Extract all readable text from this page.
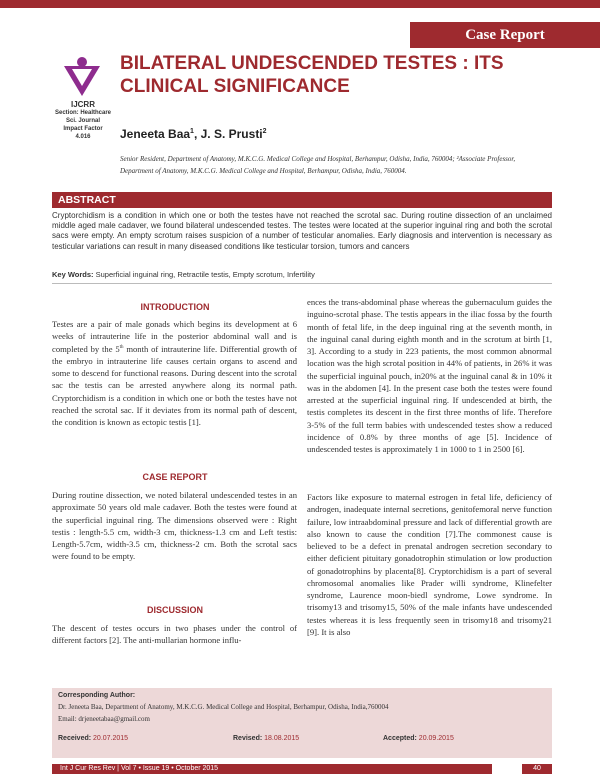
Case Report
IJCRR
Section: Healthcare
Sci. Journal
Impact Factor
4.016
BILATERAL UNDESCENDED TESTES : ITS
CLINICAL SIGNIFICANCE
Jeneeta Baa$^1$, J. S. Prusti$^2$
Senior Resident, Department of Anatomy, M.K.C.G. Medical College and Hospital, Berhampur, Odisha, India, 760004; ²Associate Professor,
Department of Anatomy, M.K.C.G. Medical College and Hospital, Berhampur, Odisha, India, 760004.
ABSTRACT
Cryptorchidism is a condition in which one or both the testes have not reached the scrotal sac. During routine dissection of an unclaimed middle aged male cadaver, we found bilateral undescended testes. The testes were located at the superior inguinal ring and both the scrotal sacs were empty. An empty scrotum raises suspicion of a number of testicular anomalies. Early diagnosis and intervention is necessary as testicular variations can result in many diseased conditions like testicular torsion, tumors and cancers
Key Words: Superficial inguinal ring, Retractile testis, Empty scrotum, Infertility
INTRODUCTION
Testes are a pair of male gonads which begins its development at 6 weeks of intrauterine life in the posterior abdominal wall and is completed by the 5th month of intrauterine life. Differential growth of the embryo in intrauterine life causes certain organs to ascend and some to descend for functional reasons. During descent into the scrotal sac the testis can be arrested anywhere along its normal path. Cryptorchidism is a condition in which one or both the testes have not reached the scrotal sac. If it deviates from its normal path of descent, the condition is known as ectopic testis [1].
CASE REPORT
During routine dissection, we noted bilateral undescended testes in an approximate 50 years old male cadaver. Both the testes were found at the superficial inguinal ring. The dimensions observed were : Right testis : length-5.5 cm, width-3 cm, thickness-1.3 cm and Left testis: Length-5.7cm, width-3.5 cm, thickness-2 cm. Both the scrotal sacs were found to be empty.
DISCUSSION
The descent of testes occurs in two phases under the control of different factors [2]. The anti-mullarian hormone influ-
ences the trans-abdominal phase whereas the gubernaculum guides the inguino-scrotal phase. The testis appears in the iliac fossa by the fourth month of fetal life, in the deep inguinal ring at the seventh month, in the inguinal canal during eighth month and in the scrotum at birth [1, 3]. According to a study in 223 patients, the most common abnormal location was the high scrotal position in 44% of patients, in 26% it was the superficial inguinal pouch, in20% at the inguinal canal & in 10% it was in the abdomen [4]. In the present case both the testes were found arrested at the superficial inguinal ring. If undescended at birth, the testis completes its descent in the first three months of life. Therefore 3-5% of the full term babies with undescended testes show a reduced incidence of 0.8% by three months of age [5]. Incidence of undescended testes is approximately 1 in 1000 to 1 in 2500 [6].
Factors like exposure to maternal estrogen in fetal life, deficiency of androgen, inadequate internal secretions, genitofemoral nerve function failure, low intraabdominal pressure and lack of differential growth are also known to cause the condition [7].The commonest cause is believed to be a defect in prenatal androgen secretion secondary to either deficient pituitary gonadotrophin stimulation or low production of gonadotrophins by placenta[8]. Cryptorchidism is a part of several chromosomal anomalies like Prader willi syndrome, Klinefelter syndrome, Laurence moon-biedl syndrome, Lowe syndrome. In trisomy13 and trisomy15, 50% of the male infants have undescended testes whereas it is less frequently seen in trisomy18 and trisomy21 [9]. It is also
Corresponding Author:
Dr. Jeneeta Baa, Department of Anatomy, M.K.C.G. Medical College and Hospital, Berhampur, Odisha, India,760004
Email: drjeneetabaa@gmail.com
Received: 20.07.2015	Revised: 18.08.2015	Accepted: 20.09.2015
Int J Cur Res Rev | Vol 7 • Issue 19 • October 2015	40
